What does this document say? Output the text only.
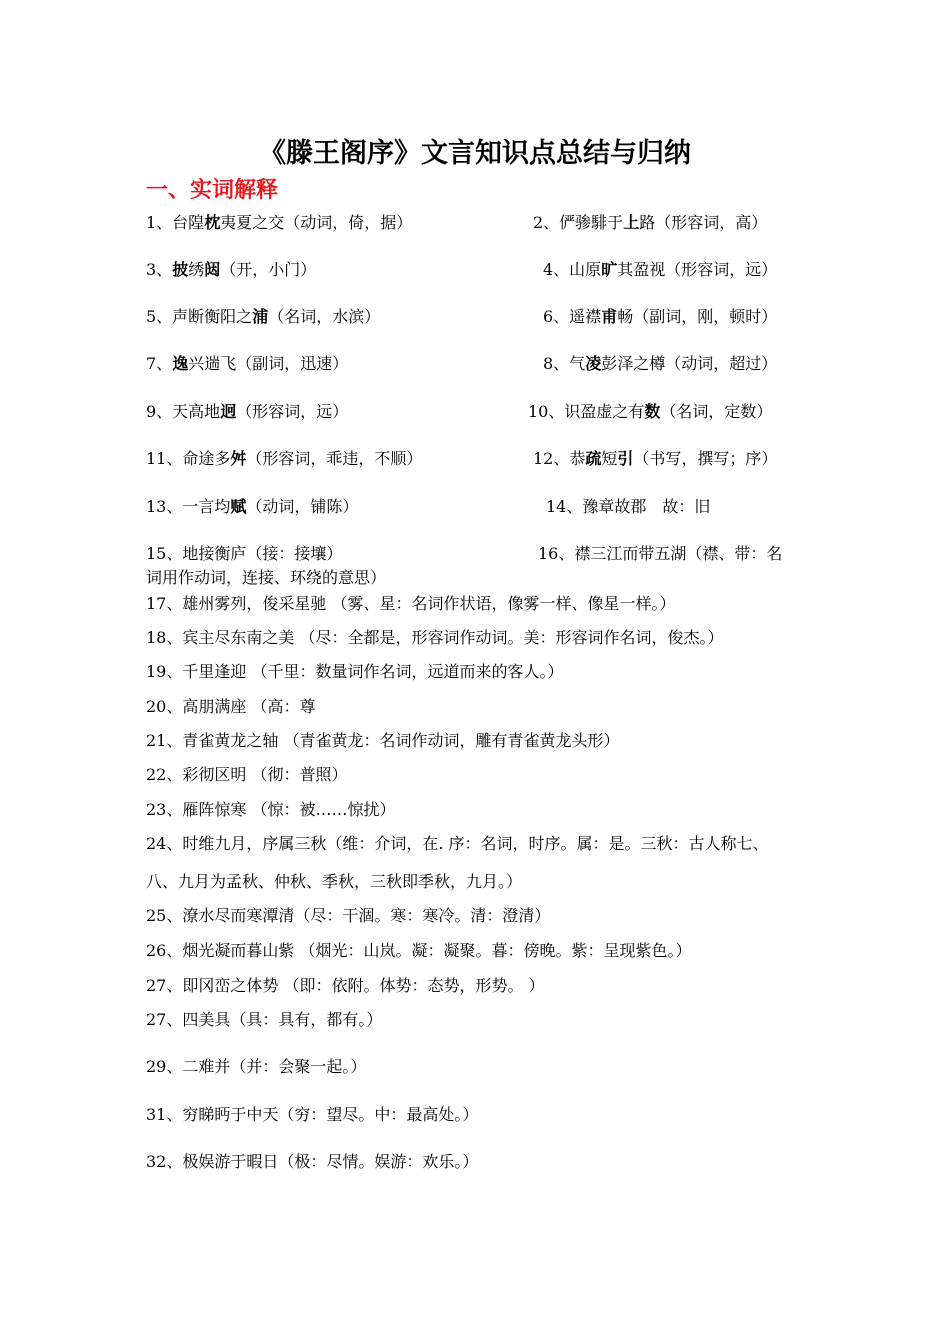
《滕王阁序》文言知识点总结与归纳
一、实词解释
1、台隍枕夷夏之交（动词，倚，据）	2、俨骖騑于上路（形容词，高）
3、披绣闼（开，小门）	4、山原旷其盈视（形容词，远）
5、声断衡阳之浦（名词，水滨）	6、遥襟甫畅（副词，刚，顿时）
7、逸兴遄飞（副词，迅速）	8、气凌彭泽之樽（动词，超过）
9、天高地迥（形容词，远）	10、识盈虚之有数（名词，定数）
11、命途多舛（形容词，乖违，不顺）	12、恭疏短引（书写，撰写；序）
13、一言均赋（动词，铺陈）	14、豫章故郡　故：旧
15、地接衡庐（接：接壤）	16、襟三江而带五湖（襟、带：名
词用作动词，连接、环绕的意思）
17、雄州雾列，俊采星驰 （雾、星：名词作状语，像雾一样、像星一样。）
18、宾主尽东南之美 （尽：全都是，形容词作动词。美：形容词作名词，俊杰。）
19、千里逢迎 （千里：数量词作名词，远道而来的客人。）
20、高朋满座 （高：尊
21、青雀黄龙之轴 （青雀黄龙：名词作动词，雕有青雀黄龙头形）
22、彩彻区明 （彻：普照）
23、雁阵惊寒 （惊：被……惊扰）
24、时维九月，序属三秋（维：介词，在. 序：名词，时序。属：是。三秋：古人称七、
八、九月为孟秋、仲秋、季秋，三秋即季秋，九月。）
25、潦水尽而寒潭清（尽：干涸。寒：寒冷。清：澄清）
26、烟光凝而暮山紫 （烟光：山岚。凝：凝聚。暮：傍晚。紫：呈现紫色。）
27、即冈峦之体势 （即：依附。体势：态势，形势。 ）
27、四美具（具：具有，都有。）
29、二难并（并：会聚一起。）
31、穷睇眄于中天（穷：望尽。中：最高处。）
32、极娱游于暇日（极：尽情。娱游：欢乐。）
